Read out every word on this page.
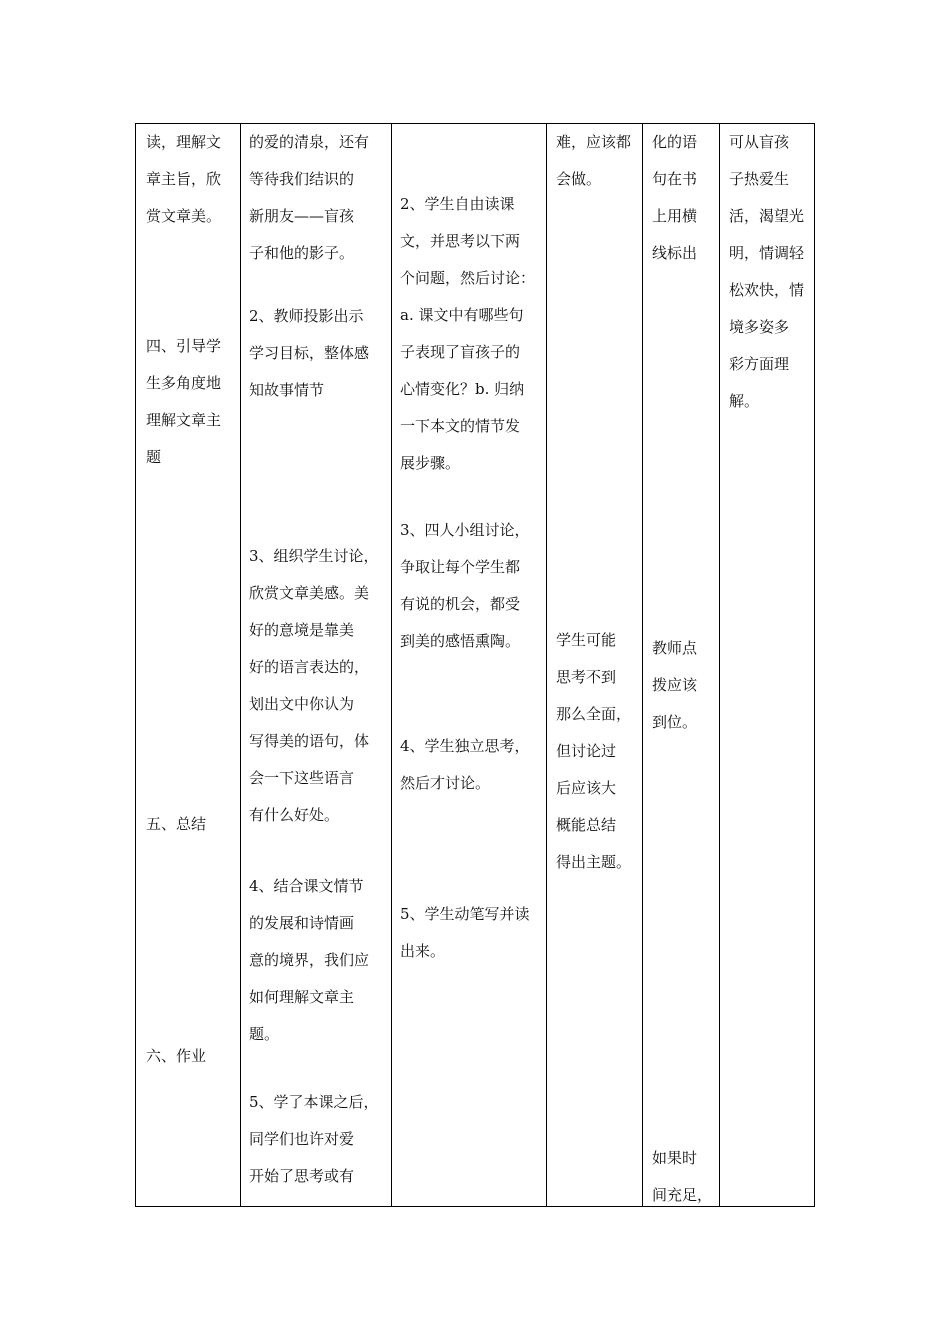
读，理解文

章主旨，欣

赏文章美。

四、引导学

生多角度地

理解文章主

题

五、总结

六、作业

的爱的清泉，还有

等待我们结识的

新朋友——盲孩

子和他的影子。

2、教师投影出示

学习目标，整体感

知故事情节

3、组织学生讨论，

欣赏文章美感。美

好的意境是靠美

好的语言表达的，

划出文中你认为

写得美的语句，体

会一下这些语言

有什么好处。

4、结合课文情节

的发展和诗情画

意的境界，我们应

如何理解文章主

题。

5、学了本课之后，

同学们也许对爱

开始了思考或有

2、学生自由读课

文，并思考以下两

个问题，然后讨论：

a. 课文中有哪些句

子表现了盲孩子的

心情变化？b. 归纳

一下本文的情节发

展步骤。

3、四人小组讨论，

争取让每个学生都

有说的机会，都受

到美的感悟熏陶。

4、学生独立思考，

然后才讨论。

5、学生动笔写并读

出来。

难，应该都

会做。

学生可能

思考不到

那么全面，

但讨论过

后应该大

概能总结

得出主题。

化的语

句在书

上用横

线标出

教师点

拨应该

到位。

如果时

间充足，

可从盲孩

子热爱生

活，渴望光

明，情调轻

松欢快，情

境多姿多

彩方面理

解。
